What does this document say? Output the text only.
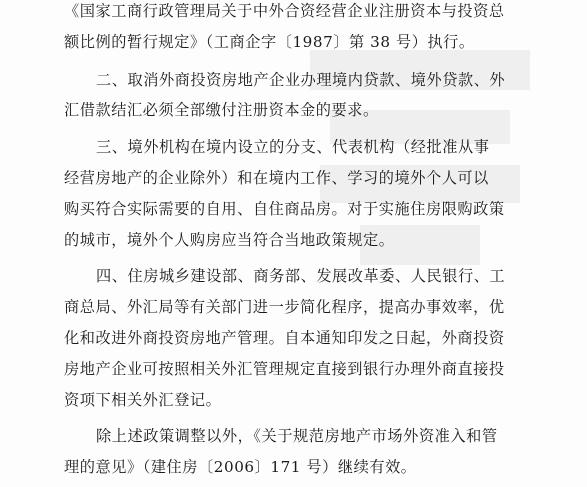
《国家工商行政管理局关于中外合资经营企业注册资本与投资总
额比例的暂行规定》（工商企字〔1987〕第 38 号）执行。
二、取消外商投资房地产企业办理境内贷款、境外贷款、外
汇借款结汇必须全部缴付注册资本金的要求。
三、境外机构在境内设立的分支、代表机构（经批准从事
经营房地产的企业除外）和在境内工作、学习的境外个人可以
购买符合实际需要的自用、自住商品房。对于实施住房限购政策
的城市，境外个人购房应当符合当地政策规定。
四、住房城乡建设部、商务部、发展改革委、人民银行、工
商总局、外汇局等有关部门进一步简化程序，提高办事效率，优
化和改进外商投资房地产管理。自本通知印发之日起，外商投资
房地产企业可按照相关外汇管理规定直接到银行办理外商直接投
资项下相关外汇登记。
除上述政策调整以外，《关于规范房地产市场外资准入和管
理的意见》（建住房〔2006〕171 号）继续有效。
